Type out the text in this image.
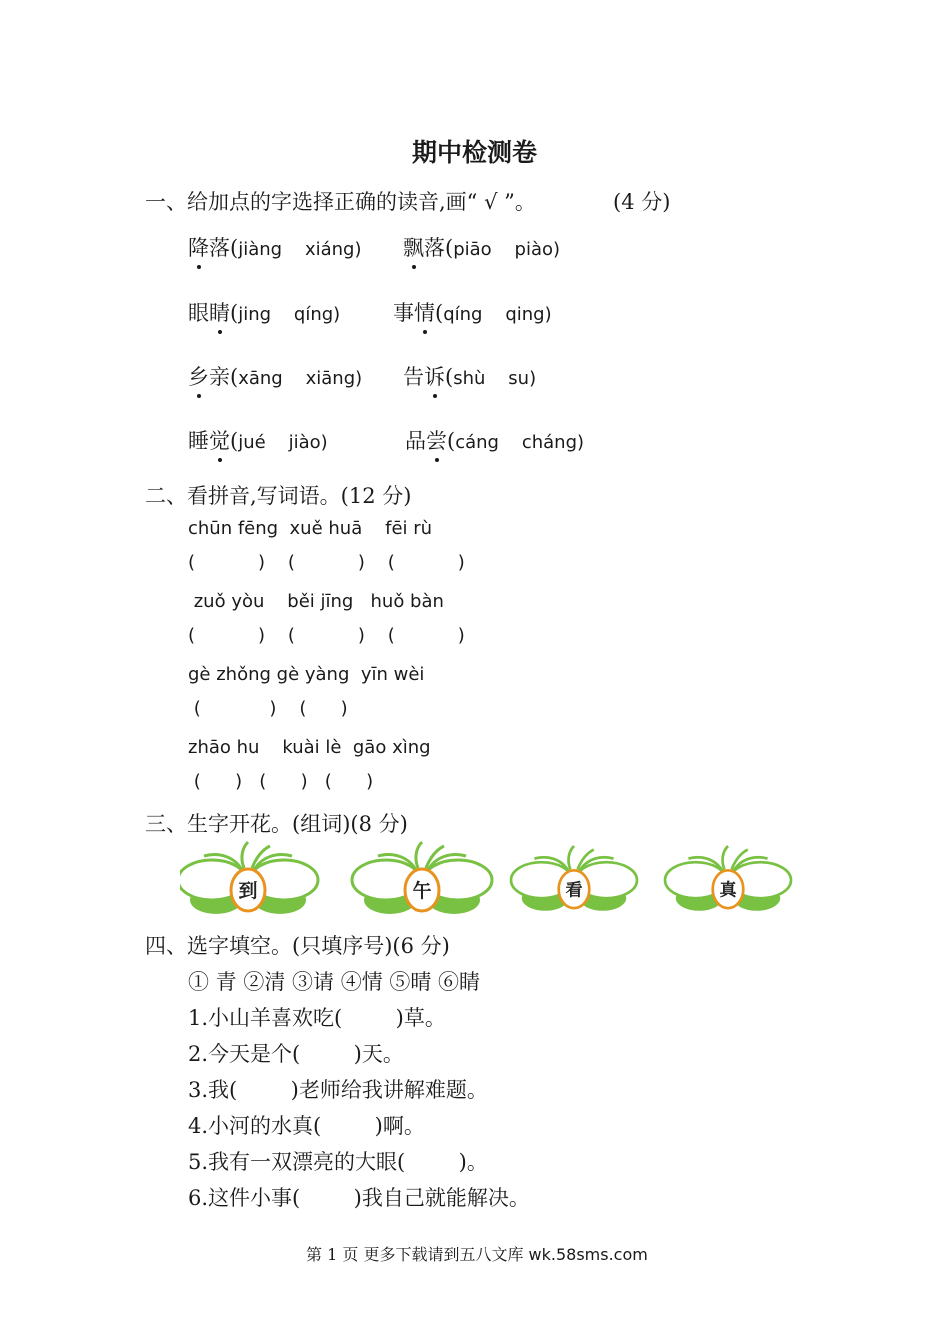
期中检测卷
一、给加点的字选择正确的读音,画“ √ ”。	(4 分)
降落(jiàng    xiáng) 飘落(piāo    piào)
眼睛(jing    qíng)	事情(qíng    qing)
乡亲(xāng    xiāng) 告诉(shù    su)
睡觉(jué    jiào)	品尝(cáng    cháng)
二、看拼音,写词语。(12 分)
chūn fēng  xuě huā    fēi rù
(           )    (           )    (           )
zuǒ yòu    běi jīng   huǒ bàn
(           )    (           )    (           )
gè zhǒng gè yàng  yīn wèi
(            )    (      )
zhāo hu    kuài lè  gāo xìng
(      )   (      )   (      )
三、生字开花。(组词)(8 分)
到	午	看	真
四、选字填空。(只填序号)(6 分)
① 青 ②清 ③请 ④情 ⑤晴 ⑥睛
1.小山羊喜欢吃(        )草。
2.今天是个(        )天。
3.我(        )老师给我讲解难题。
4.小河的水真(        )啊。
5.我有一双漂亮的大眼(        )。
6.这件小事(        )我自己就能解决。
第 1 页 更多下载请到五八文库 wk.58sms.com
